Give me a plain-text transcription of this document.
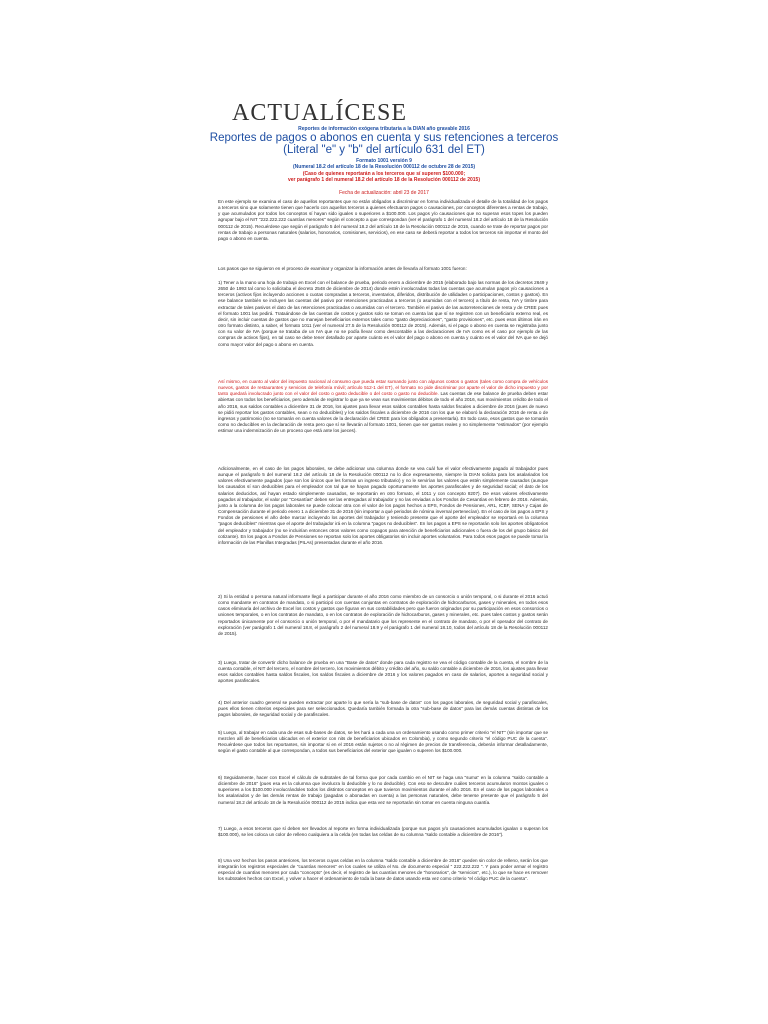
ACTUALÍCESE
Reportes de información exógena tributaria a la DIAN año gravable 2016
Reportes de pagos o abonos en cuenta y sus retenciones a terceros
(Literal "e" y "b" del artículo 631 del ET)
Formato 1001 versión 9
(Numeral 18.2 del artículo 18 de la Resolución 000112 de octubre 28 de 2015)
(Caso de quienes reportarán a los terceros que sí superen $100.000;
ver parágrafo 1 del numeral 18.2 del artículo 18 de la Resolución 000112 de 2015)
Fecha de actualización: abril 23 de 2017
En este ejemplo se examina el caso de aquellos reportantes que no están obligados a discriminar en forma individualizada el detalle de la totalidad de los pagos a terceros sino que solamente tienen que hacerlo con aquellos terceros a quienes efectuaron pagos o causaciones, por conceptos diferentes a rentas de trabajo, y que acumulados por todos los conceptos sí hayan sido iguales o superiores a $100.000. Los pagos y/o causaciones que no superan esos topes los pueden agrupar bajo el NIT "222.222.222 cuantías menores" según el concepto a que correspondan (ver el parágrafo 1 del numeral 18.2 del artículo 18 de la Resolución 000112 de 2015). Recuérdese que según el parágrafo 5 del numeral 18.2 del artículo 18 de la Resolución 000112 de 2015, cuando se trate de reportar pagos por rentas de trabajo a personas naturales (salarios, honorarios, comisiones, servicios), en ese caso se deberá reportar a todos los terceros sin importar el monto del pago o abono en cuenta.
Los pasos que se siguieron en el proceso de examinar y organizar la información antes de llevarla al formato 1001 fueron:
1) Tener a la mano una hoja de trabajo en Excel con el balance de prueba, periodo enero a diciembre de 2015 (elaborado bajo las normas de los decretos 2649 y 2650 de 1993 tal como lo solicitaba el decreto 2548 de diciembre de 2014) donde estén involucradas todas las cuentas que acumulan pagos y/o causaciones a terceros (activos fijos incluyendo acciones o cuotas compradas a terceros, inventarios, diferidos, distribución de utilidades o participaciones, costos y gastos). En ese balance también se incluyen las cuentas del pasivo por retenciones practicadas a terceros (o asumidas con el tercero) a título de renta, IVA y timbre para extractar de tales pasivos el dato de las retenciones practicadas o asumidas con el tercero. También el pasivo de las autorretenciones de renta y de CREE pues el formato 1001 las pedirá. Trataándose de las cuentas de costos y gastos solo se toman en cuenta las que sí se registren con un beneficiario externo real, es decir, sin incluir cuentas de gastos que no manejan beneficiarios externos tales como "gasto depreciaciones", "gasto provisiones", etc. pues esos últimos irán en otro formato distinto, a saber, el formato 1011 (ver el numeral 27.5 de la Resolución 000112 de 2015). Además, si el pago o abono en cuenta se registraba junto con su valor de IVA (porque se trataba de un IVA que no se podía llevar como descontable a las declaraciones de IVA como es el caso por ejemplo de las compras de activos fijos), en tal caso se debe tener detallado por aparte cuánto es el valor del pago o abono en cuenta y cuánto es el valor del IVA que se dejó como mayor valor del pago o abono en cuenta.
Así mismo, en cuanto al valor del impuesto nacional al consumo que pueda estar sumando junto con algunos costos o gastos (tales como compra de vehículos nuevos, gastos de restaurantes y servicios de telefonía móvil; artículo 512-1 del ET), el formato no pide discriminar por aparte el valor de dicho impuesto y por tanto quedará involucrado junto con el valor del costo o gasto deducible o del costo o gasto no deducible. Las cuentas de ese balance de prueba deben estar abiertas con todos los beneficiarios, pero además de registrar lo que ya se vean sus movimientos débitos de todo el año 2016, sus movimientos crédito de todo el año 2016, sus saldos contables a diciembre 31 de 2016, los ajustes para llevar esos saldos contables hasta saldos fiscales a diciembre de 2016 (pues de nuevo se pidió reportar los gastos contables, sean o no deducibles) y los saldos fiscales a diciembre de 2016 con los que se elaboró la declaración 2016 de renta o de ingresos y patrimonio (no se tomarán en cuenta valores de la declaración del CREE para los obligados a presentarla). En todo caso, esos gastos que se tomarán como no deducibles en la declaración de renta pero que sí se llevarán al formato 1001, tienen que ser gastos reales y no simplemente "estimados" (por ejemplo estimar una indemnización de un proceso que está ante los jueces).
Adicionalmente, en el caso de los pagos laborales, se debe adicionar una columna donde se vea cuál fue el valor efectivamente pagado al trabajador pues aunque el parágrafo 5 del numeral 18.2 del artículo 18 de la Resolución 000112 no lo dice expresamente, siempre la DIAN solicita para los asalariados los valores efectivamente pagados (que son los únicos que les forman un ingreso tributario) y no le servirían los valores que estén simplemente causados (aunque los causados sí son deducibles para el empleador con tal que se hayan pagado oportunamente los aportes parafiscales y de seguridad social; el dato de los salarios deducidos, así hayan estado simplemente causados, se reportarán en otro formato, el 1011 y con concepto 8207). De esos valores efectivamente pagados al trabajador, el valor por "Cesantías" deben ser las entregadas al trabajador y no las enviadas a los Fondos de Cesantías en febrero de 2016. Además, junto a la columna de los pagos laborales se puede colocar otra con el valor de los pagos hechos a EPS, Fondos de Pensiones, ARL, ICBF, SENA y Cajas de Compensación durante el periodo enero 1 a diciembre 31 de 2016 (sin importar a qué periodos de nómina invernal pertenecían). En el caso de los pagos a EPS y Fondos de pensiones el año debe marcar incluyendo los aportes del trabajador y teniendo presente que el aporte del empleador se reportará en la columna "pagos deducibles" mientras que el aporte del trabajador irá en la columna "pagos no deducibles". En los pagos a EPS se reportarán solo los aportes obligatorios del empleador y trabajador (no se incluirían entonces otros valores como copagos para atención de beneficiarios adicionales o fuera de los del grupo básico del cotizante). En los pagos a Fondos de Pensiones se reportan solo los aportes obligatorios sin incluir aportes voluntarios. Para todos esos pagos se puede tomar la información de las Planillas Integradas (PILAs) presentadas durante el año 2016.
2) Si la entidad o persona natural informante llegó a participar durante el año 2016 como miembro de un consorcio o unión temporal, o si durante el 2016 actuó como mandante en contratos de mandato, o si participó con cuentas conjuntas en contratos de exploración de hidrocarburos, gases y minerales, en todos esos casos eliminaría del archivo de Excel los costos y gastos que figuran en sus contabilidades pero que fueron originados por su participación en esos consorcios o uniones temporales, o en los contratos de mandato, o en los contratos de exploración de hidrocarburos, gases y minerales, etc. pues tales costos y gastos serán reportados únicamente por el consorcio o unión temporal, o por el mandatario que los represente en el contrato de mandato, o por el operador del contrato de exploración (ver parágrafo 1 del numeral 18.8, el parágrafo 2 del numeral 18.9 y el parágrafo 1 del numeral 18.10, todos del artículo 18 de la Resolución 000112 de 2015).
3) Luego, tratar de convertir dicho balance de prueba en una "Base de datos" donde para cada registro se vea el código contable de la cuenta, el nombre de la cuenta contable, el NIT del tercero, el nombre del tercero, los movimientos débito y crédito del año, su saldo contable a diciembre de 2016, los ajustes para llevar esos saldos contables hasta saldos fiscales, los saldos fiscales a diciembre de 2016 y los valores pagados en caso de salarios, aportes a seguridad social y aportes parafiscales.
4) Del anterior cuadro general se pueden extractar por aparte lo que sería la "sub-base de datos" con los pagos laborales, de seguridad social y parafiscales, pues ellos tienen criterios especiales para ser seleccionados. Quedaría también formada la otra "sub-base de datos" para las demás cuentas distintas de los pagos laborales, de seguridad social y de parafiscales.
5) Luego, al trabajar en cada una de esas sub-bases de datos, se les hará a cada una un ordenamiento usando como primer criterio "el NIT" (sin importar que se mezclen allí de beneficiarios ubicados en el exterior con nits de beneficiarios ubicados en Colombia), y como segundo criterio "el código PUC de la cuenta". Recuérdese que todos los reportantes, sin importar si en el 2016 están sujetos o no al régimen de precios de transferencia, deberán informar detalladamente, según el gasto contable al que correspondan, a todos sus beneficiarios del exterior que igualen o superen los $100.000.
6) Seguidamente, hacer con Excel el cálculo de subtotales de tal forma que por cada cambio en el NIT se haga una "suma" en la columna "saldo contable a diciembre de 2016" (pues esa es la columna que involucra lo deducible y lo no deducible). Con eso se descubre cuáles terceros acumularon montos iguales o superiores a los $100.000 involucrándoles todos los distintos conceptos en que tuvieron movimientos durante el año 2016. En el caso de los pagos laborales a los asalariados y de las demás rentas de trabajo (pagadas o abonadas en cuenta) a las personas naturales, debe tenerse presente que el parágrafo 5 del numeral 18.2 del artículo 18 de la Resolución 000112 de 2015 indica que esta vez se reportarán sin tomar en cuenta ninguna cuantía.
7) Luego, a esos terceros que sí deben ser llevados al reporte en forma individualizada (porque sus pagos y/o causaciones acumulados igualan o superan los $100.000), se les coloca un color de relleno cualquiera a la celda (en todas las celdas de su columna "saldo contable a diciembre de 2016").
8) Una vez hechos los pasos anteriores, los terceros cuyas celdas en la columna "saldo contable a diciembre de 2016" queden sin color de relleno, serán los que integrarán los registros especiales de "cuantías menores" en los cuales se utiliza el No. de documento especial " 222.222.222 ". Y para poder armar el registro especial de cuantías menores por cada "concepto" (es decir, el registro de las cuantías menores de "honorarios", de "servicios", etc.), lo que se hace es remover los subtotales hechos con Excel, y volver a hacer el ordenamiento de toda la base de datos usando esta vez como criterio "el código PUC de la cuenta".
